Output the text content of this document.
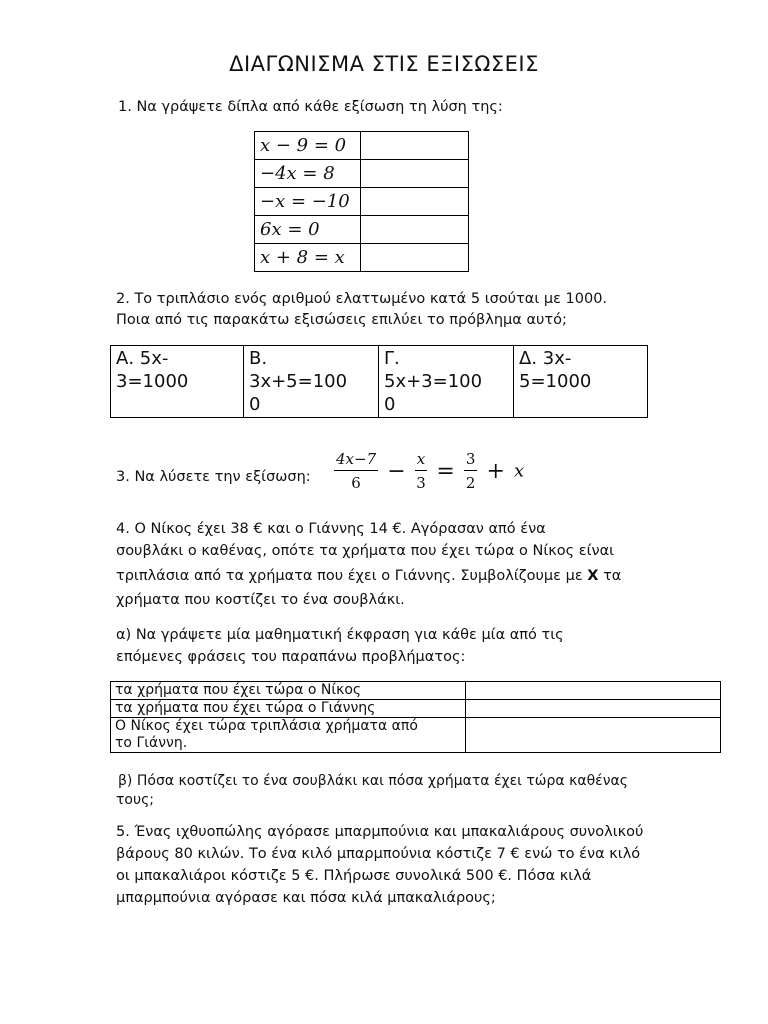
ΔΙΑΓΩΝΙΣΜΑ ΣΤΙΣ ΕΞΙΣΩΣΕΙΣ
1. Να γράψετε δίπλα από κάθε εξίσωση τη λύση της:
x − 9 = 0	
−4x = 8	
−x = −10	
6x = 0	
x + 8 = x	
2. Το τριπλάσιο ενός αριθμού ελαττωμένο κατά 5 ισούται με 1000.
Ποια από τις παρακάτω εξισώσεις επιλύει το πρόβλημα αυτό;
Α. 5x-
3=1000

Β.
3x+5=100
0

Γ.
5x+3=100
0

Δ. 3x-
5=1000
3. Να λύσετε την εξίσωση: $\frac{4x-7}{6} - \frac{x}{3} = \frac{3}{2} + x$
4. Ο Νίκος έχει 38 € και ο Γιάννης 14 €. Αγόρασαν από ένα
σουβλάκι ο καθένας, οπότε τα χρήματα που έχει τώρα ο Νίκος είναι
τριπλάσια από τα χρήματα που έχει ο Γιάννης. Συμβολίζουμε με X τα
χρήματα που κοστίζει το ένα σουβλάκι.
α) Να γράψετε μία μαθηματική έκφραση για κάθε μία από τις
επόμενες φράσεις του παραπάνω προβλήματος:
τα χρήματα που έχει τώρα ο Νίκος	

τα χρήματα που έχει τώρα ο Γιάννης	

Ο Νίκος έχει τώρα τριπλάσια χρήματα από
το Γιάννη.	

β) Πόσα κοστίζει το ένα σουβλάκι και πόσα χρήματα έχει τώρα καθένας
τους;
5. Ένας ιχθυοπώλης αγόρασε μπαρμπούνια και μπακαλιάρους συνολικού
βάρους 80 κιλών. Το ένα κιλό μπαρμπούνια κόστιζε 7 € ενώ το ένα κιλό
οι μπακαλιάροι κόστιζε 5 €. Πλήρωσε συνολικά 500 €. Πόσα κιλά
μπαρμπούνια αγόρασε και πόσα κιλά μπακαλιάρους;
